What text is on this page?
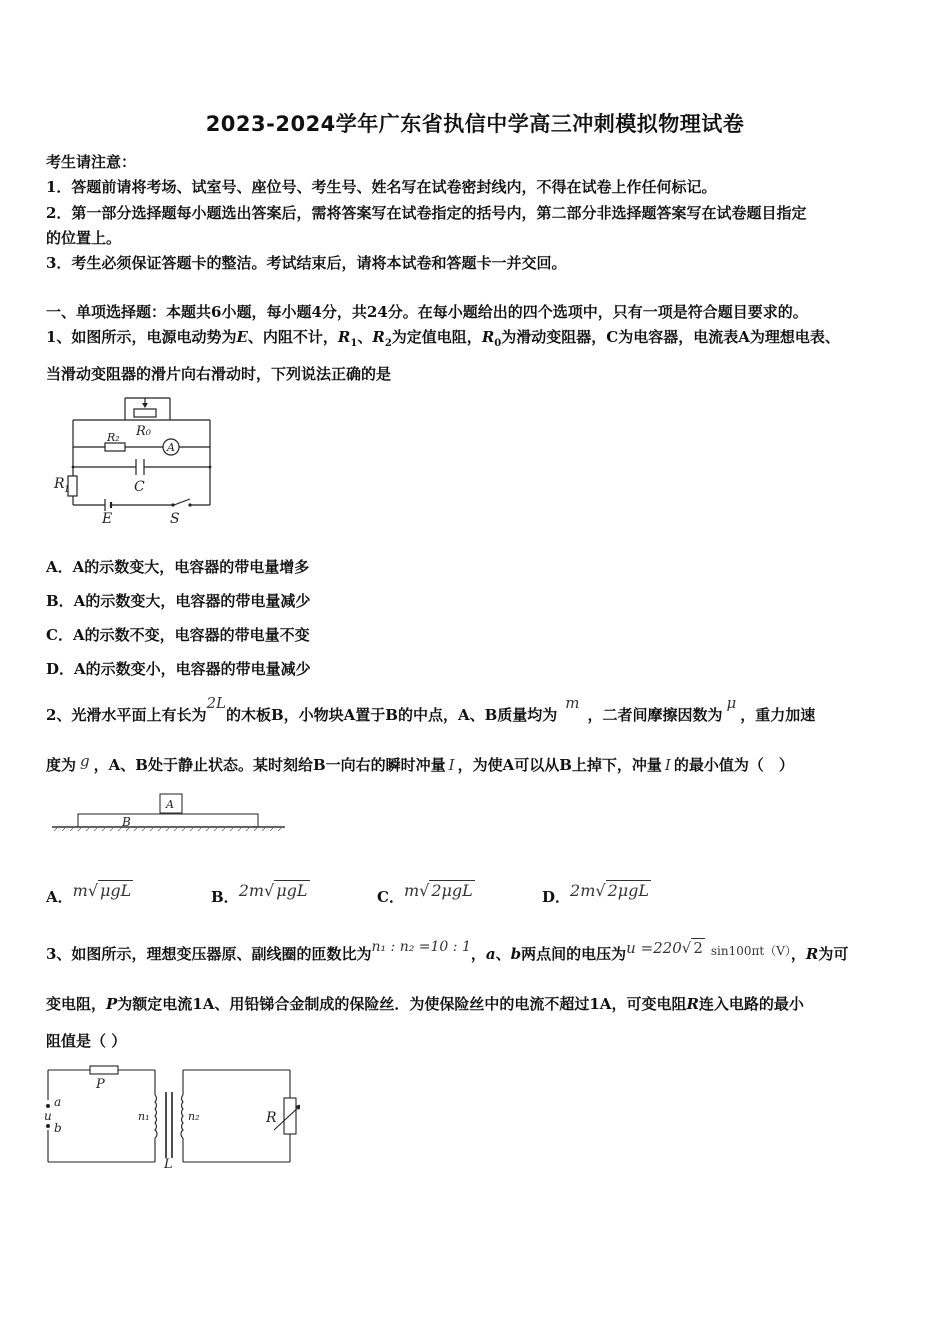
2023-2024学年广东省执信中学高三冲刺模拟物理试卷
考生请注意：
1．答题前请将考场、试室号、座位号、考生号、姓名写在试卷密封线内，不得在试卷上作任何标记。
2．第一部分选择题每小题选出答案后，需将答案写在试卷指定的括号内，第二部分非选择题答案写在试卷题目指定
的位置上。
3．考生必须保证答题卡的整洁。考试结束后，请将本试卷和答题卡一并交回。
一、单项选择题：本题共6小题，每小题4分，共24分。在每小题给出的四个选项中，只有一项是符合题目要求的。
1、如图所示，电源电动势为E、内阻不计，$R_1$、$R_2$为定值电阻，$R_0$为滑动变阻器，C为电容器，电流表A为理想电表、
当滑动变阻器的滑片向右滑动时，下列说法正确的是
R₀
R₂
A
C
R 1
E	S
A．A的示数变大，电容器的带电量增多
B．A的示数变大，电容器的带电量减少
C．A的示数不变，电容器的带电量不变
D．A的示数变小，电容器的带电量减少
2、光滑水平面上有长为2L的木板B，小物块A置于B的中点，A、B质量均为m，二者间摩擦因数为μ，重力加速
度为 g ，A、B处于静止状态。某时刻给B一向右的瞬时冲量 I ，为使A可以从B上掉下，冲量 I 的最小值为（　）
A
B
A．m√ μgL	B．2m√ μgL	C．m√ 2μgL	D．2m√ 2μgL
3、如图所示，理想变压器原、副线圈的匝数比为n₁ : n₂ =10 : 1，a、b两点间的电压为u =220√ 2 $^{sin100\pi t(V)}$，R为可
变电阻，P为额定电流1A、用铅锑合金制成的保险丝．为使保险丝中的电流不超过1A，可变电阻R连入电路的最小
阻值是（ ）
P
a
u
b
n₁	n₂
L
R
